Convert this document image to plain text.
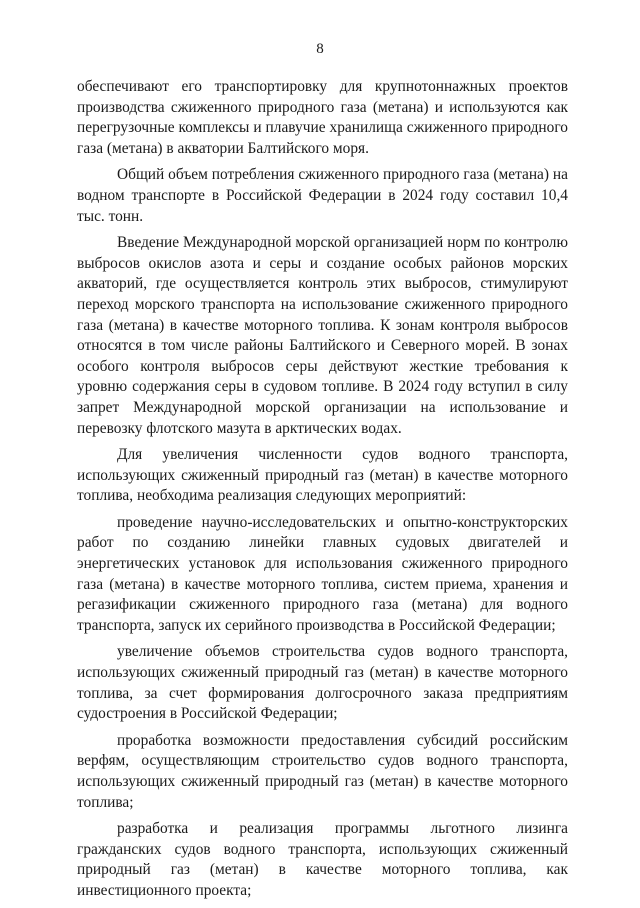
8

обеспечивают его транспортировку для крупнотоннажных проектов производства сжиженного природного газа (метана) и используются как перегрузочные комплексы и плавучие хранилища сжиженного природного газа (метана) в акватории Балтийского моря.

Общий объем потребления сжиженного природного газа (метана) на водном транспорте в Российской Федерации в 2024 году составил 10,4 тыс. тонн.

Введение Международной морской организацией норм по контролю выбросов окислов азота и серы и создание особых районов морских акваторий, где осуществляется контроль этих выбросов, стимулируют переход морского транспорта на использование сжиженного природного газа (метана) в качестве моторного топлива. К зонам контроля выбросов относятся в том числе районы Балтийского и Северного морей. В зонах особого контроля выбросов серы действуют жесткие требования к уровню содержания серы в судовом топливе. В 2024 году вступил в силу запрет Международной морской организации на использование и перевозку флотского мазута в арктических водах.

Для увеличения численности судов водного транспорта, использующих сжиженный природный газ (метан) в качестве моторного топлива, необходима реализация следующих мероприятий:

проведение научно-исследовательских и опытно-конструкторских работ по созданию линейки главных судовых двигателей и энергетических установок для использования сжиженного природного газа (метана) в качестве моторного топлива, систем приема, хранения и регазификации сжиженного природного газа (метана) для водного транспорта, запуск их серийного производства в Российской Федерации;

увеличение объемов строительства судов водного транспорта, использующих сжиженный природный газ (метан) в качестве моторного топлива, за счет формирования долгосрочного заказа предприятиям судостроения в Российской Федерации;

проработка возможности предоставления субсидий российским верфям, осуществляющим строительство судов водного транспорта, использующих сжиженный природный газ (метан) в качестве моторного топлива;

разработка и реализация программы льготного лизинга гражданских судов водного транспорта, использующих сжиженный природный газ (метан) в качестве моторного топлива, как инвестиционного проекта;
